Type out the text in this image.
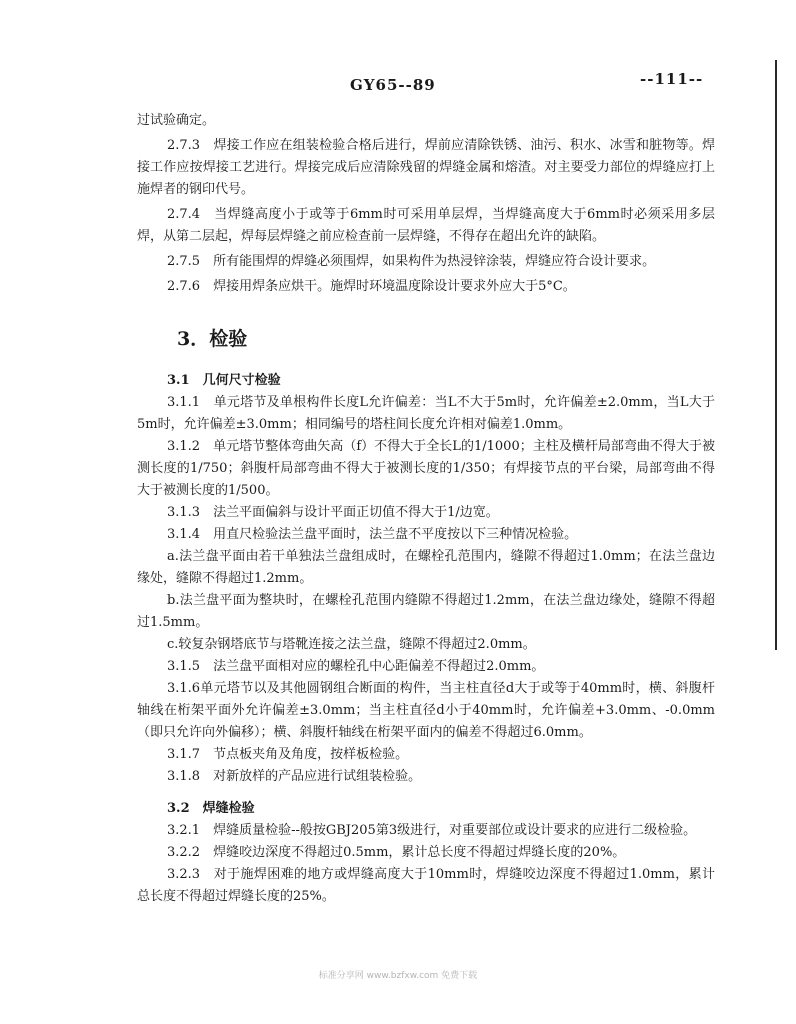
GY65--89	--111--

过试验确定。

2.7.3　焊接工作应在组装检验合格后进行，焊前应清除铁锈、油污、积水、冰雪和脏物等。焊接工作应按焊接工艺进行。焊接完成后应清除残留的焊缝金属和熔渣。对主要受力部位的焊缝应打上施焊者的钢印代号。

2.7.4　当焊缝高度小于或等于6mm时可采用单层焊，当焊缝高度大于6mm时必须采用多层焊，从第二层起，焊每层焊缝之前应检查前一层焊缝，不得存在超出允许的缺陷。

2.7.5　所有能围焊的焊缝必须围焊，如果构件为热浸锌涂装，焊缝应符合设计要求。

2.7.6　焊接用焊条应烘干。施焊时环境温度除设计要求外应大于5°C。

3．检验

3.1　几何尺寸检验

3.1.1　单元塔节及单根构件长度L允许偏差：当L不大于5m时，允许偏差±2.0mm，当L大于5m时，允许偏差±3.0mm；相同编号的塔柱间长度允许相对偏差1.0mm。

3.1.2　单元塔节整体弯曲矢高（f）不得大于全长L的1/1000；主柱及横杆局部弯曲不得大于被测长度的1/750；斜腹杆局部弯曲不得大于被测长度的1/350；有焊接节点的平台梁，局部弯曲不得大于被测长度的1/500。

3.1.3　法兰平面偏斜与设计平面正切值不得大于1/边宽。

3.1.4　用直尺检验法兰盘平面时，法兰盘不平度按以下三种情况检验。

a.法兰盘平面由若干单独法兰盘组成时，在螺栓孔范围内，缝隙不得超过1.0mm；在法兰盘边缘处，缝隙不得超过1.2mm。

b.法兰盘平面为整块时，在螺栓孔范围内缝隙不得超过1.2mm，在法兰盘边缘处，缝隙不得超过1.5mm。

c.较复杂钢塔底节与塔靴连接之法兰盘，缝隙不得超过2.0mm。

3.1.5　法兰盘平面相对应的螺栓孔中心距偏差不得超过2.0mm。

3.1.6单元塔节以及其他圆钢组合断面的构件，当主柱直径d大于或等于40mm时，横、斜腹杆轴线在桁架平面外允许偏差±3.0mm；当主柱直径d小于40mm时，允许偏差+3.0mm、-0.0mm（即只允许向外偏移）；横、斜腹杆轴线在桁架平面内的偏差不得超过6.0mm。

3.1.7　节点板夹角及角度，按样板检验。

3.1.8　对新放样的产品应进行试组装检验。

3.2　焊缝检验

3.2.1　焊缝质量检验--般按GBJ205第3级进行，对重要部位或设计要求的应进行二级检验。

3.2.2　焊缝咬边深度不得超过0.5mm，累计总长度不得超过焊缝长度的20%。

3.2.3　对于施焊困难的地方或焊缝高度大于10mm时，焊缝咬边深度不得超过1.0mm，累计总长度不得超过焊缝长度的25%。

标准分享网 www.bzfxw.com 免费下载
